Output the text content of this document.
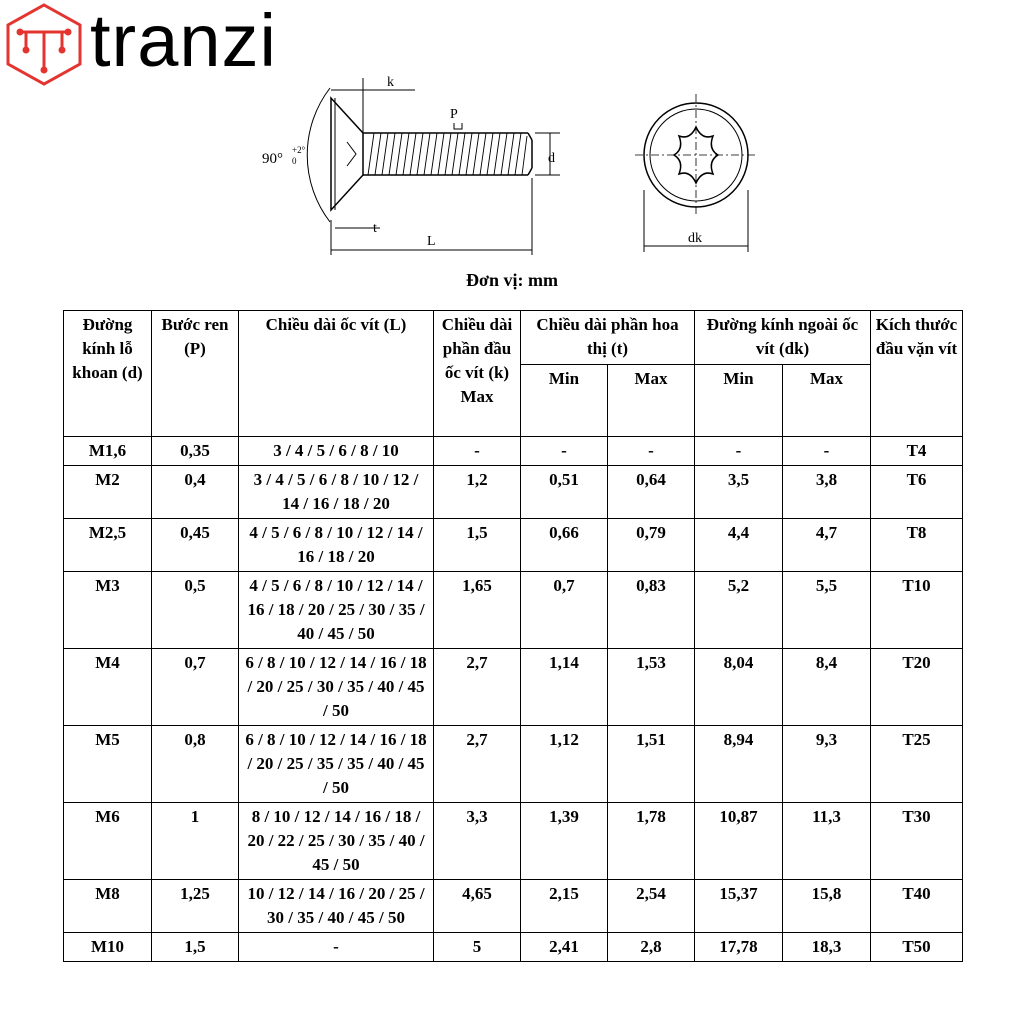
tranzi
k
P
90°
+2°
0	d
t
L	dk
Đơn vị: mm
Đường kính lỗ khoan (d)	Bước ren (P)	Chiều dài ốc vít (L)	Chiều dài phần đầu ốc vít (k) Max	Chiều dài phần hoa thị (t)		Đường kính ngoài ốc vít (dk)		Kích thước đầu vặn vít
				Min	Max	Min	Max	
M1,6	0,35	3 / 4 / 5 / 6 / 8 / 10	-	-	-	-	-	T4
M2	0,4	3 / 4 / 5 / 6 / 8 / 10 / 12 / 14 / 16 / 18 / 20	1,2	0,51	0,64	3,5	3,8	T6
M2,5	0,45	4 / 5 / 6 / 8 / 10 / 12 / 14 / 16 / 18 / 20	1,5	0,66	0,79	4,4	4,7	T8
M3	0,5	4 / 5 / 6 / 8 / 10 / 12 / 14 / 16 / 18 / 20 / 25 / 30 / 35 / 40 / 45 / 50	1,65	0,7	0,83	5,2	5,5	T10
M4	0,7	6 / 8 / 10 / 12 / 14 / 16 / 18 / 20 / 25 / 30 / 35 / 40 / 45 / 50	2,7	1,14	1,53	8,04	8,4	T20
M5	0,8	6 / 8 / 10 / 12 / 14 / 16 / 18 / 20 / 25 / 35 / 35 / 40 / 45 / 50	2,7	1,12	1,51	8,94	9,3	T25
M6	1	8 / 10 / 12 / 14 / 16 / 18 / 20 / 22 / 25 / 30 / 35 / 40 / 45 / 50	3,3	1,39	1,78	10,87	11,3	T30
M8	1,25	10 / 12 / 14 / 16 / 20 / 25 / 30 / 35 / 40 / 45 / 50	4,65	2,15	2,54	15,37	15,8	T40
M10	1,5	-	5	2,41	2,8	17,78	18,3	T50
